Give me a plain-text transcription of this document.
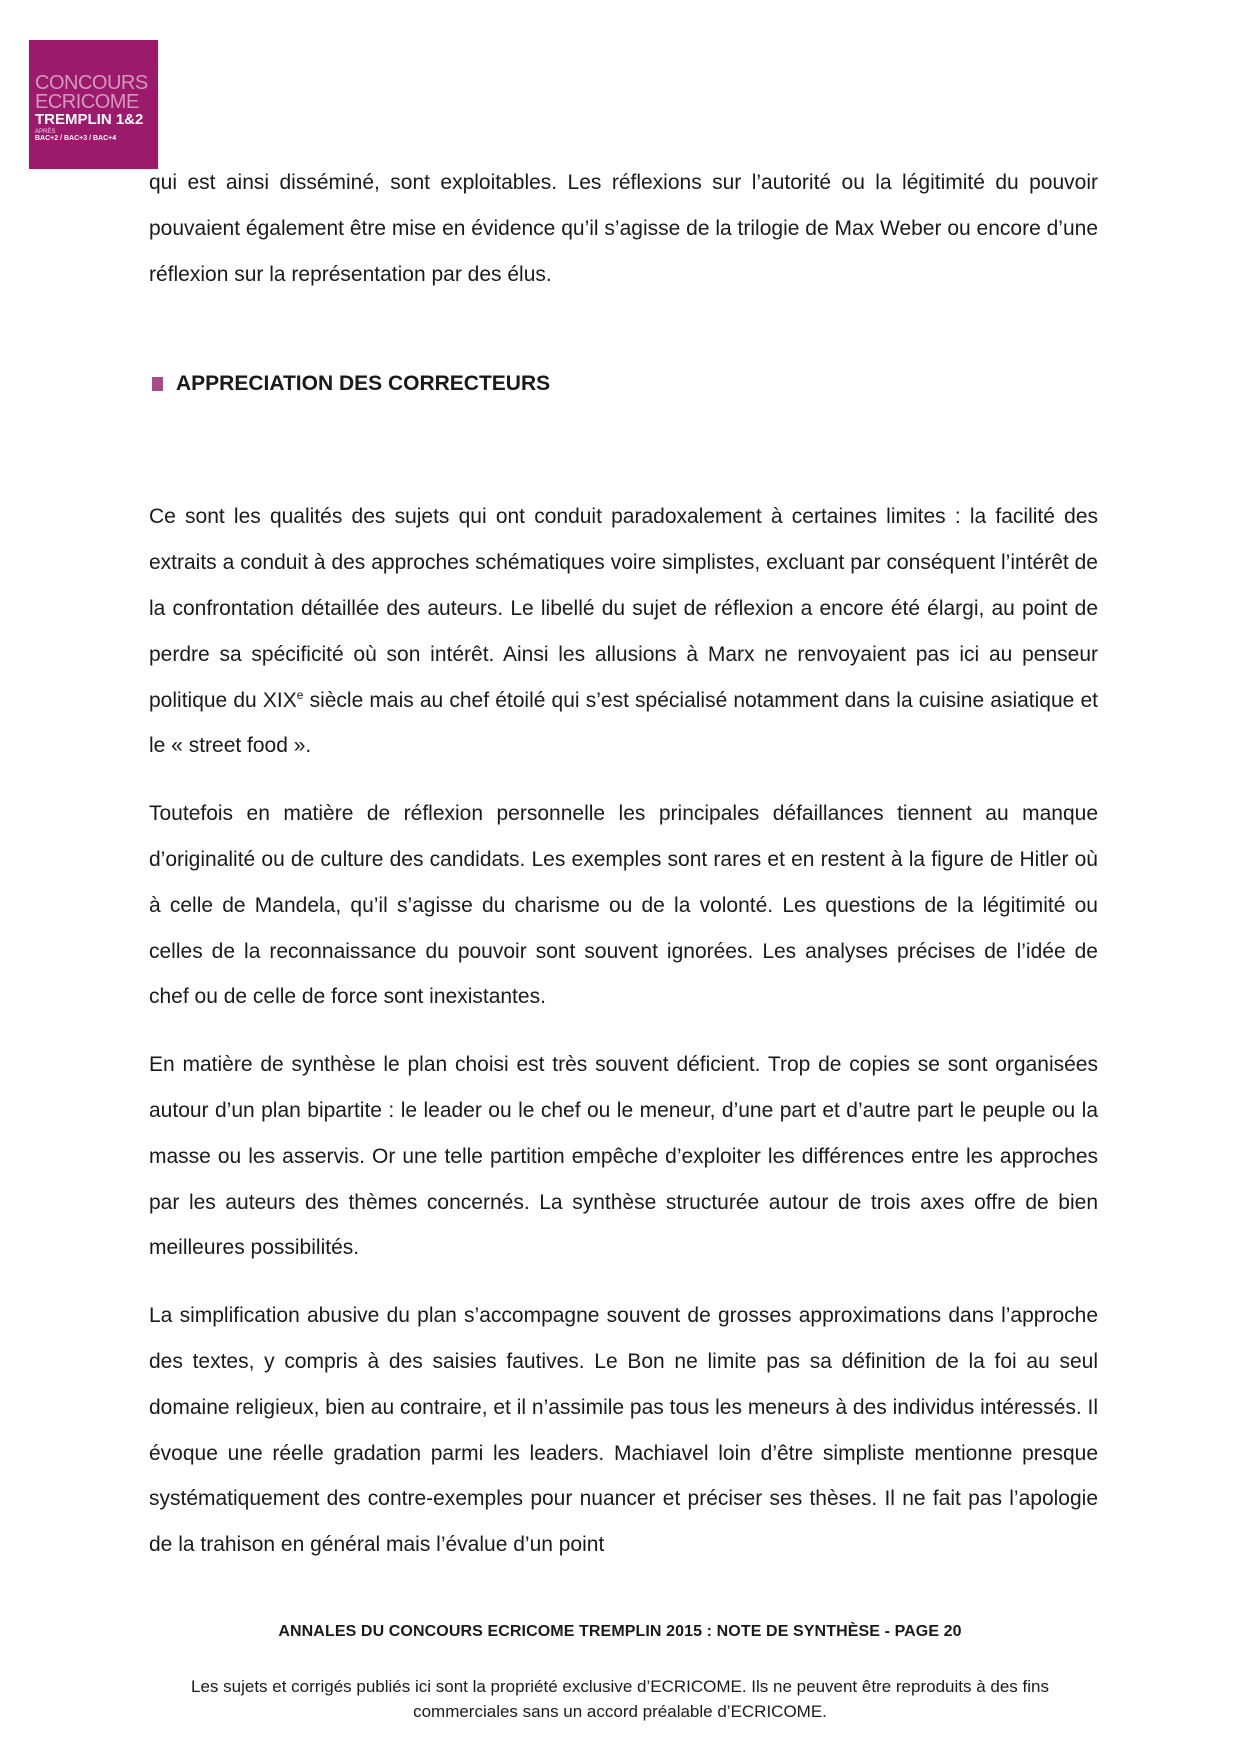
CONCOURS
ECRICOME
TREMPLIN 1&2
APRÈS
BAC+2 / BAC+3 / BAC+4

qui est ainsi disséminé, sont exploitables. Les réflexions sur l’autorité ou la légitimité du pouvoir pouvaient également être mise en évidence qu’il s’agisse de la trilogie de Max Weber ou encore d’une réflexion sur la représentation par des élus.

APPRECIATION DES CORRECTEURS

Ce sont les qualités des sujets qui ont conduit paradoxalement à certaines limites : la facilité des extraits a conduit à des approches schématiques voire simplistes, excluant par conséquent l’intérêt de la confrontation détaillée des auteurs. Le libellé du sujet de réflexion a encore été élargi, au point de perdre sa spécificité où son intérêt. Ainsi les allusions à Marx ne renvoyaient pas ici au penseur politique du XIXe siècle mais au chef étoilé qui s’est spécialisé notamment dans la cuisine asiatique et le « street food ».

Toutefois en matière de réflexion personnelle les principales défaillances tiennent au manque d’originalité ou de culture des candidats. Les exemples sont rares et en restent à la figure de Hitler où à celle de Mandela, qu’il s’agisse du charisme ou de la volonté. Les questions de la légitimité ou celles de la reconnaissance du pouvoir sont souvent ignorées. Les analyses précises de l’idée de chef ou de celle de force sont inexistantes.

En matière de synthèse le plan choisi est très souvent déficient. Trop de copies se sont organisées autour d’un plan bipartite : le leader ou le chef ou le meneur, d’une part et d’autre part le peuple ou la masse ou les asservis. Or une telle partition empêche d’exploiter les différences entre les approches par les auteurs des thèmes concernés. La synthèse structurée autour de trois axes offre de bien meilleures possibilités.

La simplification abusive du plan s’accompagne souvent de grosses approximations dans l’approche des textes, y compris à des saisies fautives. Le Bon ne limite pas sa définition de la foi au seul domaine religieux, bien au contraire, et il n’assimile pas tous les meneurs à des individus intéressés. Il évoque une réelle gradation parmi les leaders. Machiavel loin d’être simpliste mentionne presque systématiquement des contre-exemples pour nuancer et préciser ses thèses. Il ne fait pas l’apologie de la trahison en général mais l’évalue d’un point

ANNALES DU CONCOURS ECRICOME TREMPLIN 2015 : NOTE DE SYNTHÈSE - PAGE 20
Les sujets et corrigés publiés ici sont la propriété exclusive d’ECRICOME. Ils ne peuvent être reproduits à des fins commerciales sans un accord préalable d’ECRICOME.
